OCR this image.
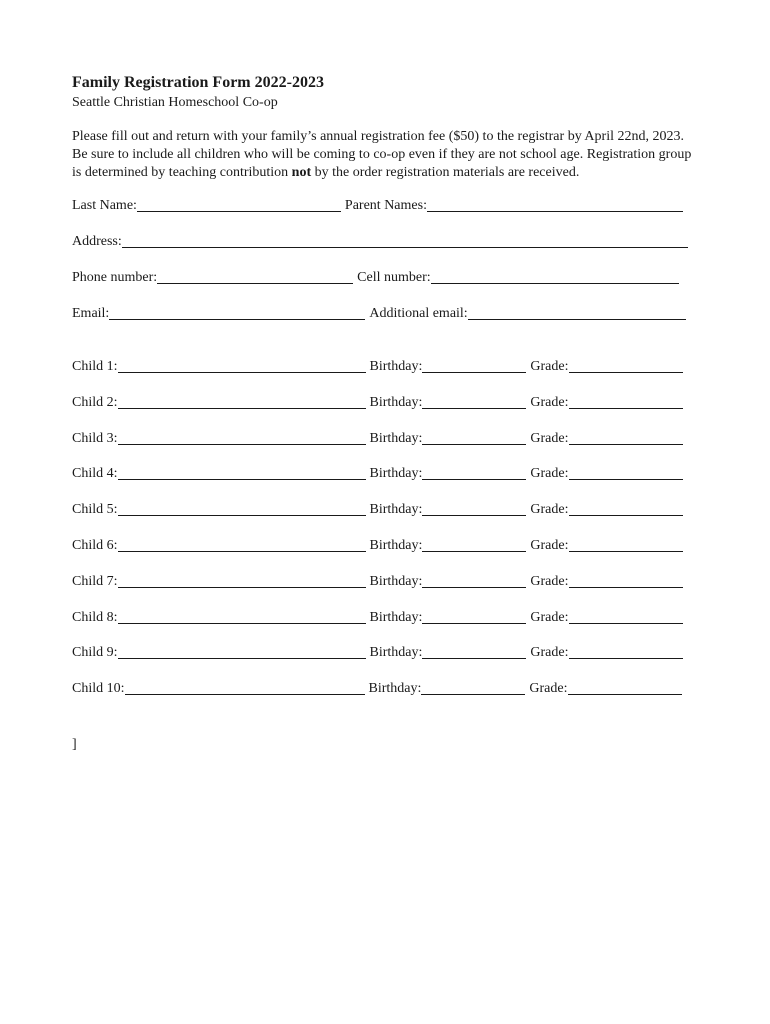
Family Registration Form 2022-2023

Seattle Christian Homeschool Co-op

Please fill out and return with your family’s annual registration fee ($50) to the registrar by April 22nd, 2023. Be sure to include all children who will be coming to co-op even if they are not school age. Registration group is determined by teaching contribution not by the order registration materials are received.

Last Name:	Parent Names:
Address:
Phone number:	Cell number:
Email:	Additional email:
Child 1:	Birthday:	Grade:
Child 2:	Birthday:	Grade:
Child 3:	Birthday:	Grade:
Child 4:	Birthday:	Grade:
Child 5:	Birthday:	Grade:
Child 6:	Birthday:	Grade:
Child 7:	Birthday:	Grade:
Child 8:	Birthday:	Grade:
Child 9:	Birthday:	Grade:
Child 10:	Birthday:	Grade:
]
